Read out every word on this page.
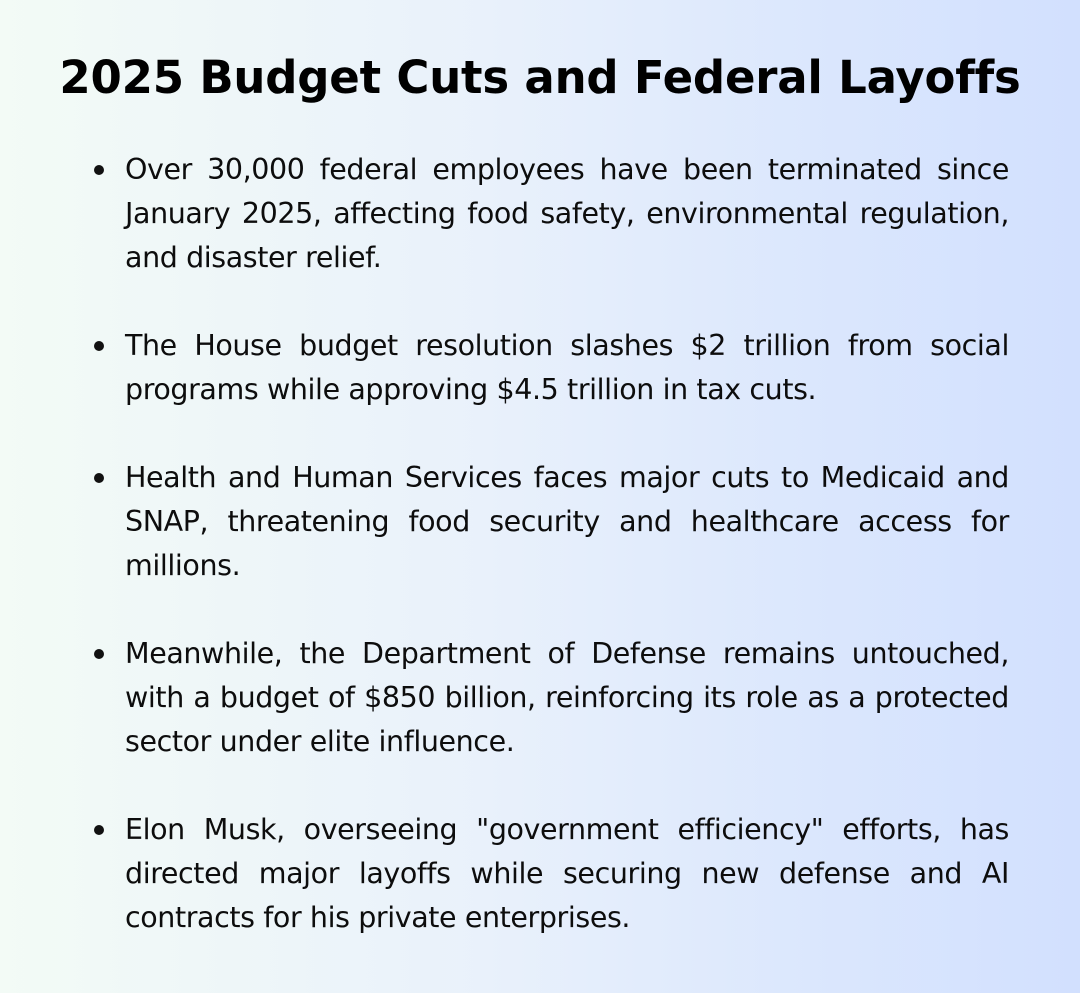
2025 Budget Cuts and Federal Layoffs
Over 30,000 federal employees have been terminated since January 2025, affecting food safety, environmental regulation, and disaster relief.
The House budget resolution slashes $2 trillion from social programs while approving $4.5 trillion in tax cuts.
Health and Human Services faces major cuts to Medicaid and SNAP, threatening food security and healthcare access for millions.
Meanwhile, the Department of Defense remains untouched, with a budget of $850 billion, reinforcing its role as a protected sector under elite influence.
Elon Musk, overseeing "government efficiency" efforts, has directed major layoffs while securing new defense and AI contracts for his private enterprises.
